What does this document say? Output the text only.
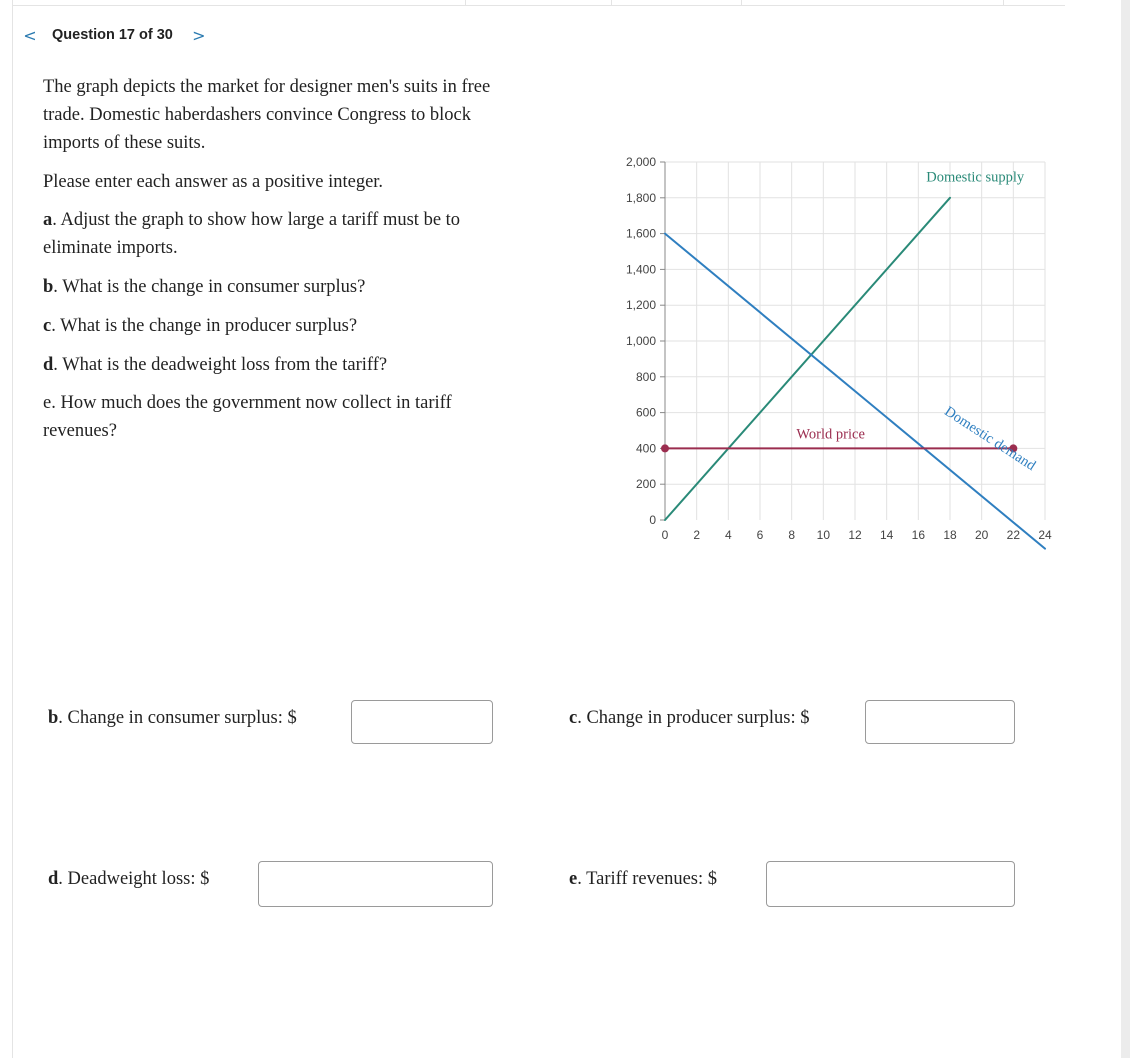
< Question 17 of 30 >

The graph depicts the market for designer men's suits in free trade. Domestic haberdashers convince Congress to block imports of these suits.

Please enter each answer as a positive integer.

a. Adjust the graph to show how large a tariff must be to eliminate imports.

b. What is the change in consumer surplus?

c. What is the change in producer surplus?

d. What is the deadweight loss from the tariff?

e. How much does the government now collect in tariff revenues?

0 2 4 6 8 10 12 14 16 18 20 22 24
0
200
400
600
800
1,000
1,200
1,400
1,600
1,800
2,000
Domestic supply
World price	Domestic demand
b . Change in consumer surplus: $	c . Change in producer surplus: $
d . Deadweight loss: $	e . Tariff revenues: $
